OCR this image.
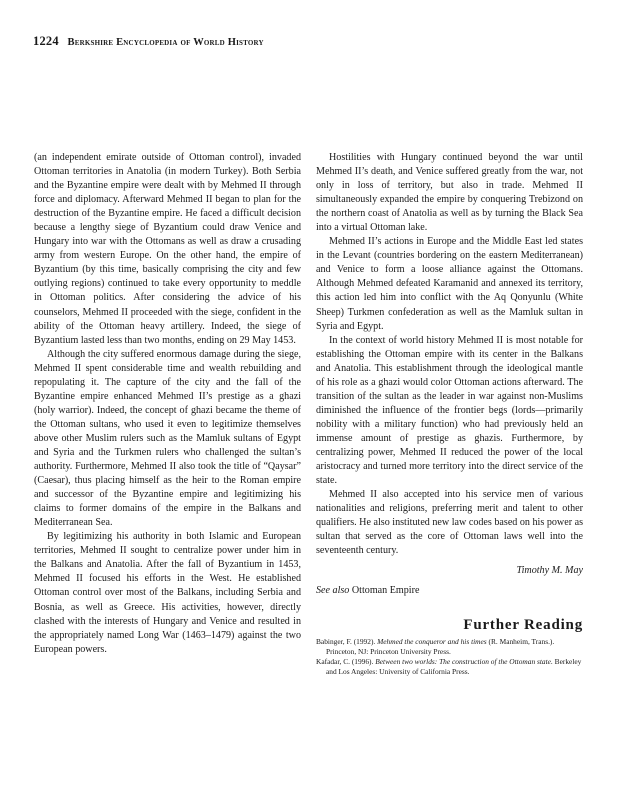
1224 Berkshire Encyclopedia of World History

(an independent emirate outside of Ottoman control), invaded Ottoman territories in Anatolia (in modern Turkey). Both Serbia and the Byzantine empire were dealt with by Mehmed II through force and diplomacy. Afterward Mehmed II began to plan for the destruction of the Byzantine empire. He faced a difficult decision because a lengthy siege of Byzantium could draw Venice and Hungary into war with the Ottomans as well as draw a crusading army from western Europe. On the other hand, the empire of Byzantium (by this time, basically comprising the city and few outlying regions) continued to take every opportunity to meddle in Ottoman politics. After considering the advice of his counselors, Mehmed II proceeded with the siege, confident in the ability of the Ottoman heavy artillery. Indeed, the siege of Byzantium lasted less than two months, ending on 29 May 1453.

Although the city suffered enormous damage during the siege, Mehmed II spent considerable time and wealth rebuilding and repopulating it. The capture of the city and the fall of the Byzantine empire enhanced Mehmed II’s prestige as a ghazi (holy warrior). Indeed, the concept of ghazi became the theme of the Ottoman sultans, who used it even to legitimize themselves above other Muslim rulers such as the Mamluk sultans of Egypt and Syria and the Turkmen rulers who challenged the sultan’s authority. Furthermore, Mehmed II also took the title of “Qaysar” (Caesar), thus placing himself as the heir to the Roman empire and successor of the Byzantine empire and legitimizing his claims to former domains of the empire in the Balkans and Mediterranean Sea.

By legitimizing his authority in both Islamic and European territories, Mehmed II sought to centralize power under him in the Balkans and Anatolia. After the fall of Byzantium in 1453, Mehmed II focused his efforts in the West. He established Ottoman control over most of the Balkans, including Serbia and Bosnia, as well as Greece. His activities, however, directly clashed with the interests of Hungary and Venice and resulted in the appropriately named Long War (1463–1479) against the two European powers.

Hostilities with Hungary continued beyond the war until Mehmed II’s death, and Venice suffered greatly from the war, not only in loss of territory, but also in trade. Mehmed II simultaneously expanded the empire by conquering Trebizond on the northern coast of Anatolia as well as by turning the Black Sea into a virtual Ottoman lake.

Mehmed II’s actions in Europe and the Middle East led states in the Levant (countries bordering on the eastern Mediterranean) and Venice to form a loose alliance against the Ottomans. Although Mehmed defeated Karamanid and annexed its territory, this action led him into conflict with the Aq Qonyunlu (White Sheep) Turkmen confederation as well as the Mamluk sultan in Syria and Egypt.

In the context of world history Mehmed II is most notable for establishing the Ottoman empire with its center in the Balkans and Anatolia. This establishment through the ideological mantle of his role as a ghazi would color Ottoman actions afterward. The transition of the sultan as the leader in war against non-Muslims diminished the influence of the frontier begs (lords—primarily nobility with a military function) who had previously held an immense amount of prestige as ghazis. Furthermore, by centralizing power, Mehmed II reduced the power of the local aristocracy and turned more territory into the direct service of the state.

Mehmed II also accepted into his service men of various nationalities and religions, preferring merit and talent to other qualifiers. He also instituted new law codes based on his power as sultan that served as the core of Ottoman laws well into the seventeenth century.

Timothy M. May

See also Ottoman Empire

Further Reading

Babinger, F. (1992). Mehmed the conqueror and his times (R. Manheim, Trans.). Princeton, NJ: Princeton University Press.

Kafadar, C. (1996). Between two worlds: The construction of the Ottoman state. Berkeley and Los Angeles: University of California Press.
